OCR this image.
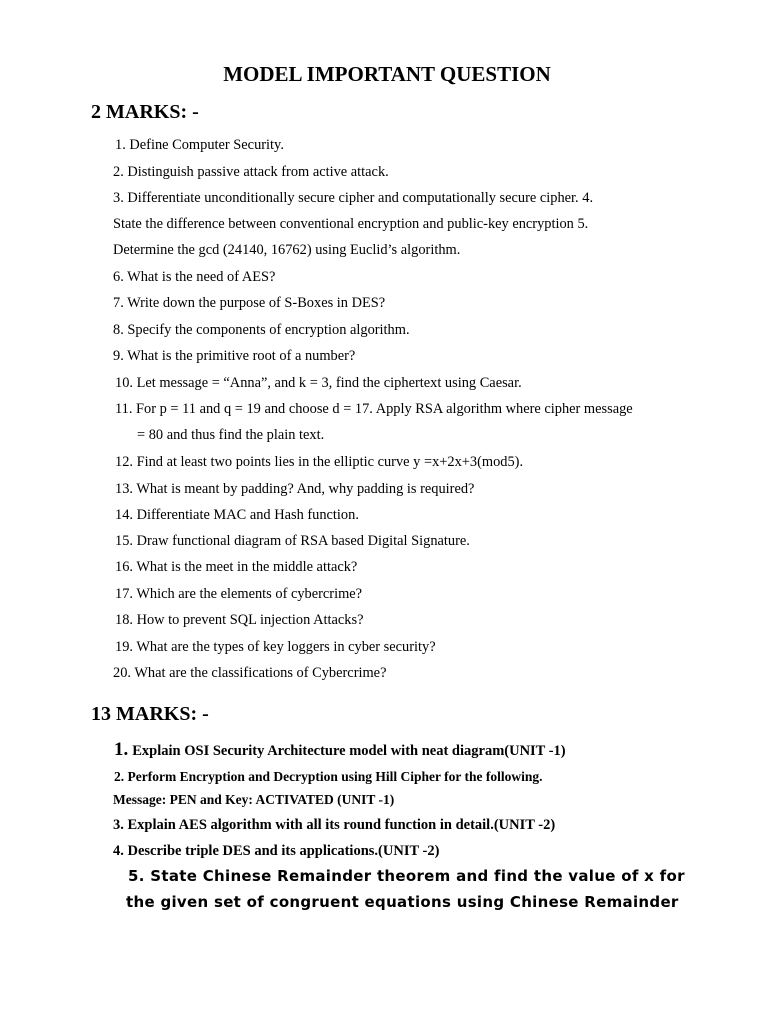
MODEL IMPORTANT QUESTION
2 MARKS: -
1. Define Computer Security.
2. Distinguish passive attack from active attack.
3. Differentiate unconditionally secure cipher and computationally secure cipher. 4.
State the difference between conventional encryption and public-key encryption 5.
Determine the gcd (24140, 16762) using Euclid’s algorithm.
6. What is the need of AES?
7. Write down the purpose of S-Boxes in DES?
8. Specify the components of encryption algorithm.
9. What is the primitive root of a number?
10. Let message = “Anna”, and k = 3, find the ciphertext using Caesar.
11. For p = 11 and q = 19 and choose d = 17. Apply RSA algorithm where cipher message
= 80 and thus find the plain text.
12. Find at least two points lies in the elliptic curve y =x+2x+3(mod5).
13. What is meant by padding? And, why padding is required?
14. Differentiate MAC and Hash function.
15. Draw functional diagram of RSA based Digital Signature.
16. What is the meet in the middle attack?
17. Which are the elements of cybercrime?
18. How to prevent SQL injection Attacks?
19. What are the types of key loggers in cyber security?
20. What are the classifications of Cybercrime?
13 MARKS: -
1. Explain OSI Security Architecture model with neat diagram(UNIT -1)
2. Perform Encryption and Decryption using Hill Cipher for the following.
Message: PEN and Key: ACTIVATED (UNIT -1)
3. Explain AES algorithm with all its round function in detail.(UNIT -2)
4. Describe triple DES and its applications.(UNIT -2)
5. State Chinese Remainder theorem and find the value of x for
the given set of congruent equations using Chinese Remainder
